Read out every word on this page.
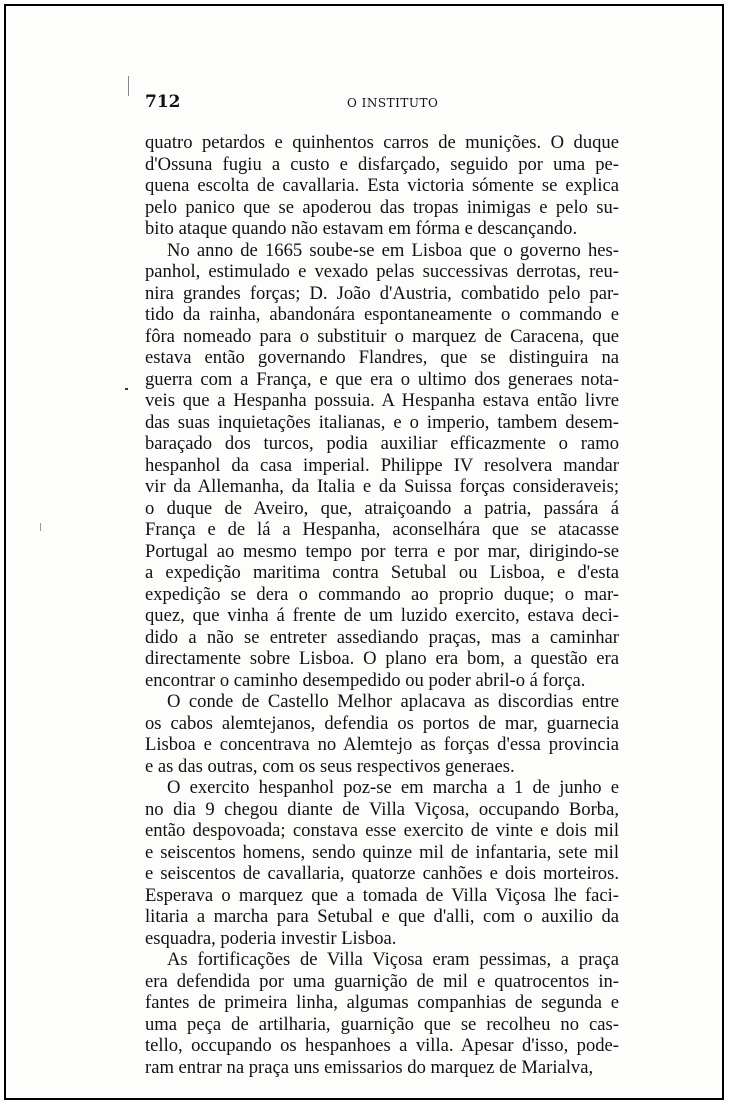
712	O INSTITUTO
quatro petardos e quinhentos carros de munições. O duque
d'Ossuna fugiu a custo e disfarçado, seguido por uma pe-
quena escolta de cavallaria. Esta victoria sómente se explica
pelo panico que se apoderou das tropas inimigas e pelo su-
bito ataque quando não estavam em fórma e descançando.
No anno de 1665 soube-se em Lisboa que o governo hes-
panhol, estimulado e vexado pelas successivas derrotas, reu-
nira grandes forças; D. João d'Austria, combatido pelo par-
tido da rainha, abandonára espontaneamente o commando e
fôra nomeado para o substituir o marquez de Caracena, que
estava então governando Flandres, que se distinguira na
guerra com a França, e que era o ultimo dos generaes nota-
veis que a Hespanha possuia. A Hespanha estava então livre
das suas inquietações italianas, e o imperio, tambem desem-
baraçado dos turcos, podia auxiliar efficazmente o ramo
hespanhol da casa imperial. Philippe IV resolvera mandar
vir da Allemanha, da Italia e da Suissa forças consideraveis;
o duque de Aveiro, que, atraiçoando a patria, passára á
França e de lá a Hespanha, aconselhára que se atacasse
Portugal ao mesmo tempo por terra e por mar, dirigindo-se
a expedição maritima contra Setubal ou Lisboa, e d'esta
expedição se dera o commando ao proprio duque; o mar-
quez, que vinha á frente de um luzido exercito, estava deci-
dido a não se entreter assediando praças, mas a caminhar
directamente sobre Lisboa. O plano era bom, a questão era
encontrar o caminho desempedido ou poder abril-o á força.
O conde de Castello Melhor aplacava as discordias entre
os cabos alemtejanos, defendia os portos de mar, guarnecia
Lisboa e concentrava no Alemtejo as forças d'essa provincia
e as das outras, com os seus respectivos generaes.
O exercito hespanhol poz-se em marcha a 1 de junho e
no dia 9 chegou diante de Villa Viçosa, occupando Borba,
então despovoada; constava esse exercito de vinte e dois mil
e seiscentos homens, sendo quinze mil de infantaria, sete mil
e seiscentos de cavallaria, quatorze canhões e dois morteiros.
Esperava o marquez que a tomada de Villa Viçosa lhe faci-
litaria a marcha para Setubal e que d'alli, com o auxilio da
esquadra, poderia investir Lisboa.
As fortificações de Villa Viçosa eram pessimas, a praça
era defendida por uma guarnição de mil e quatrocentos in-
fantes de primeira linha, algumas companhias de segunda e
uma peça de artilharia, guarnição que se recolheu no cas-
tello, occupando os hespanhoes a villa. Apesar d'isso, pode-
ram entrar na praça uns emissarios do marquez de Marialva,
